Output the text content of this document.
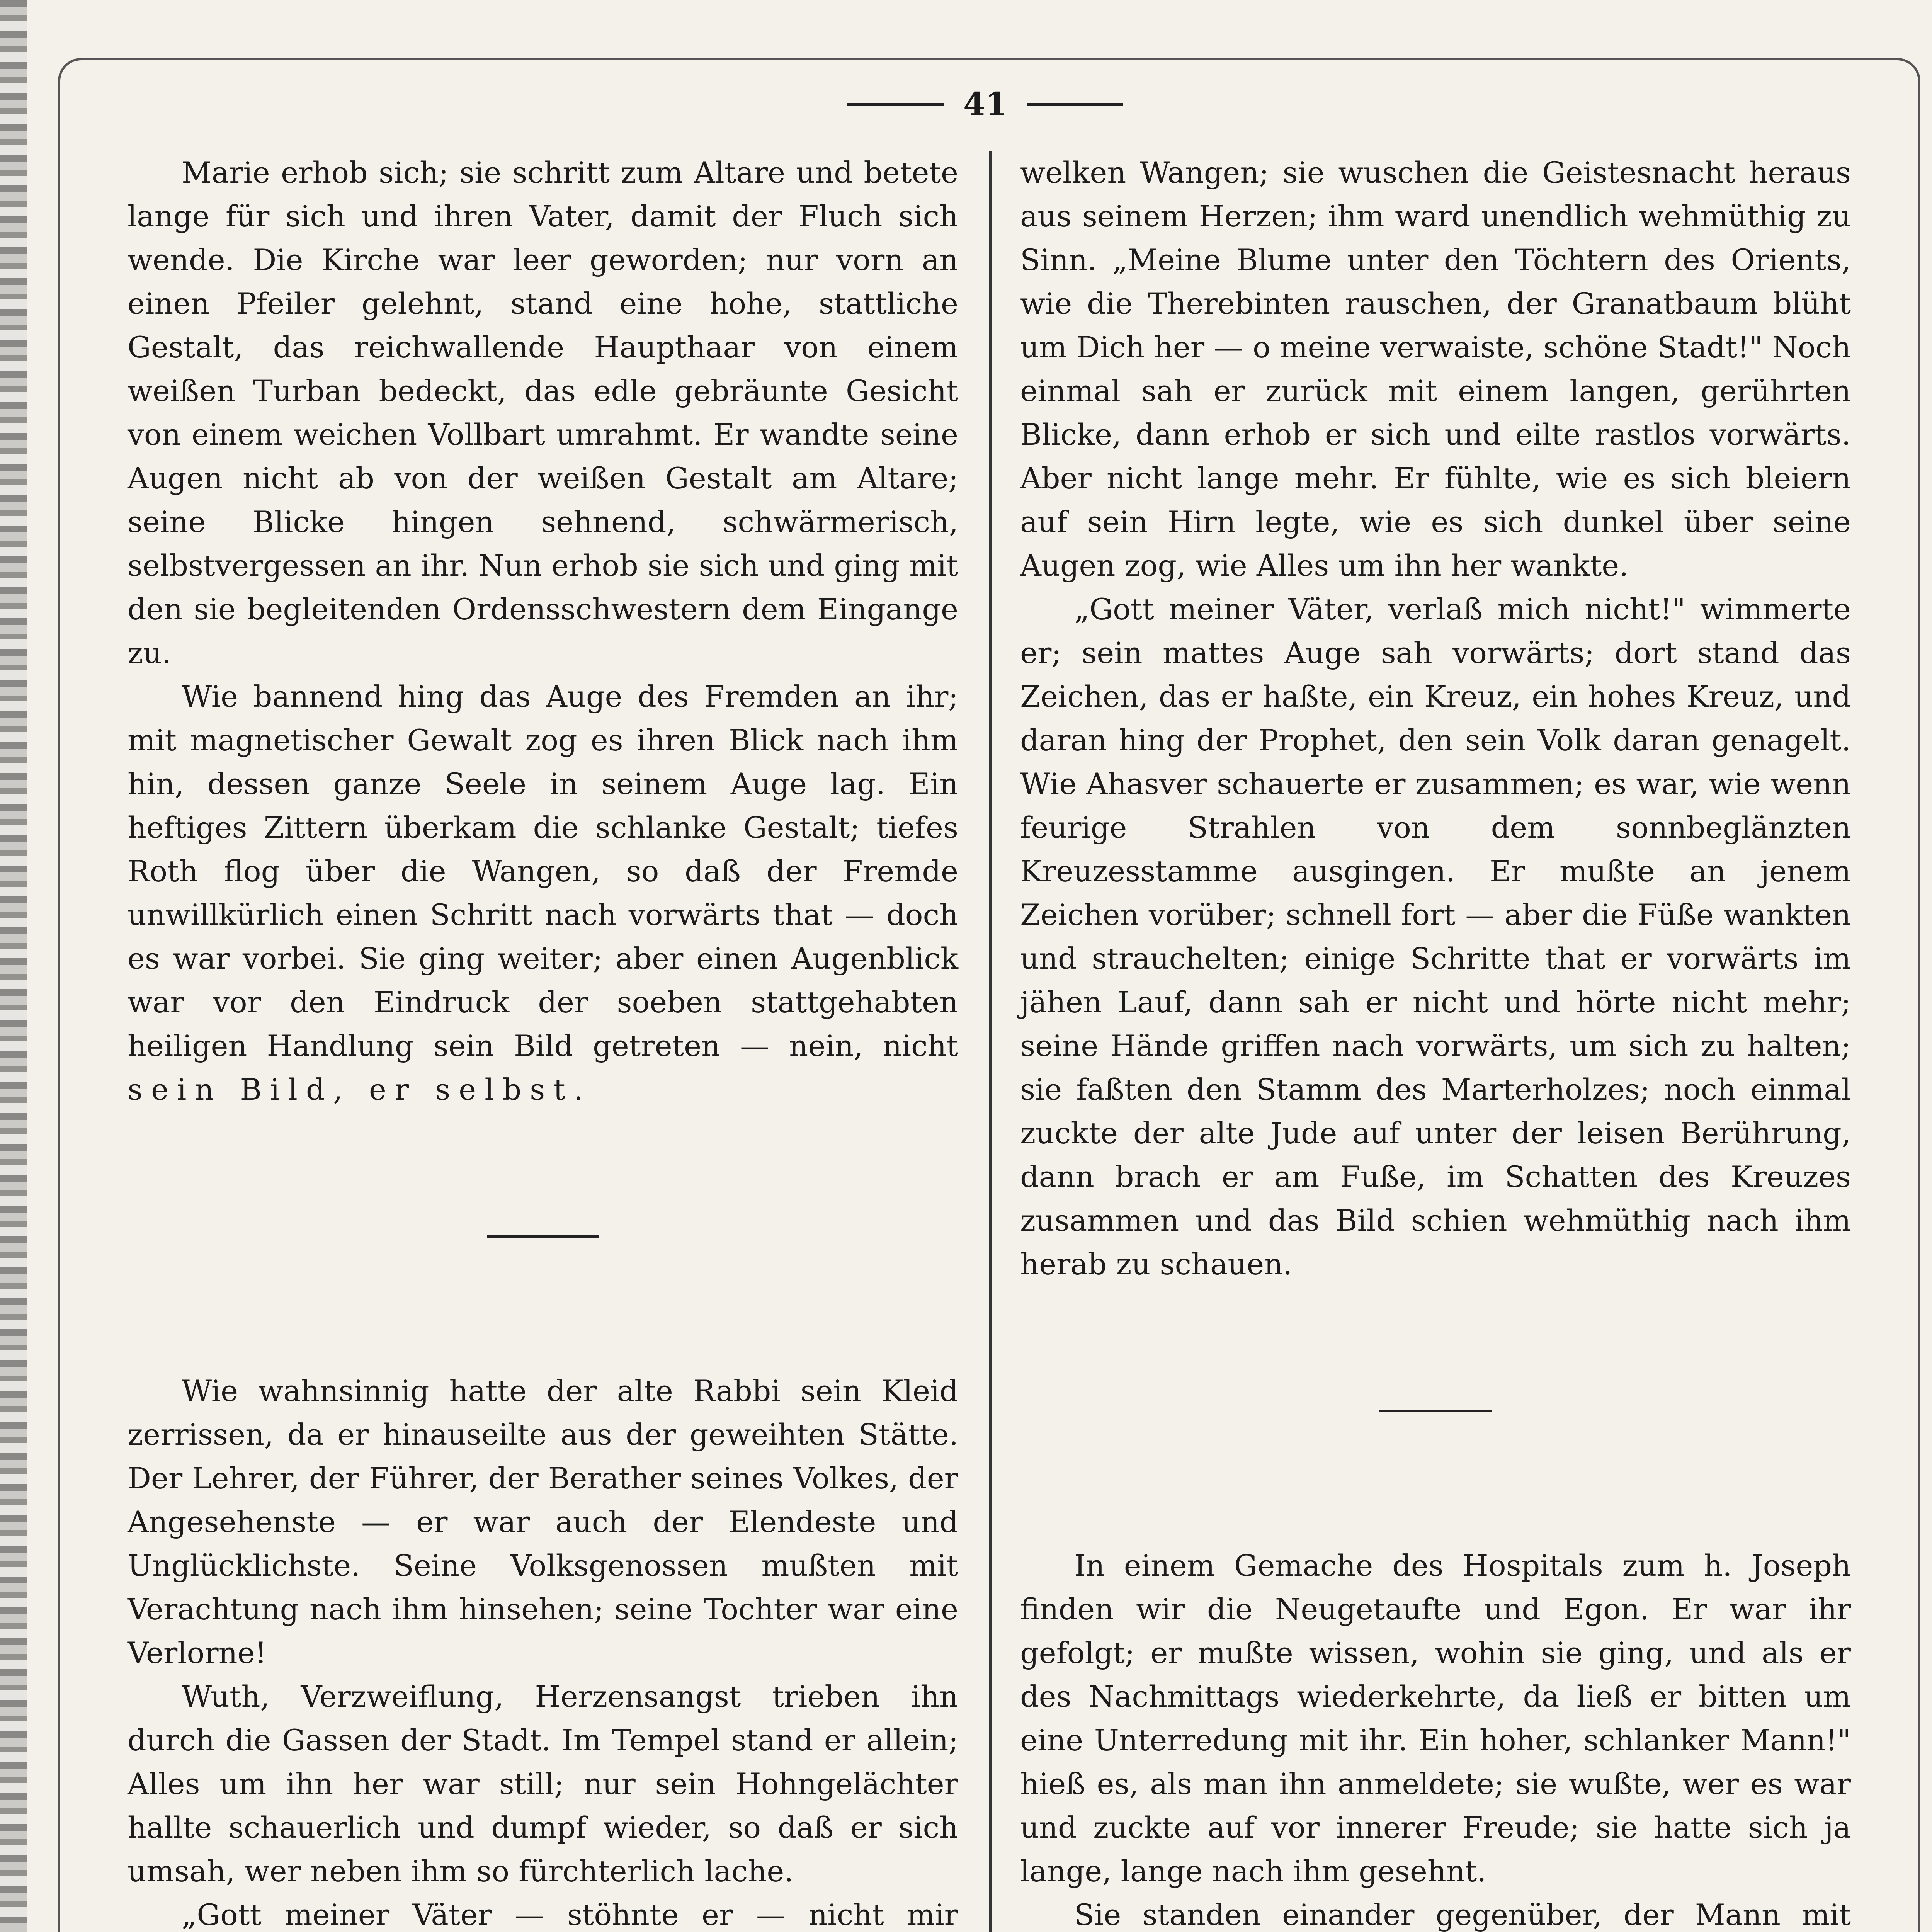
41

Marie erhob sich; sie schritt zum Altare und betete lange für sich und ihren Vater, damit der Fluch sich wende. Die Kirche war leer geworden; nur vorn an einen Pfeiler gelehnt, stand eine hohe, stattliche Gestalt, das reichwallende Haupthaar von einem weißen Turban bedeckt, das edle gebräunte Gesicht von einem weichen Vollbart umrahmt. Er wandte seine Augen nicht ab von der weißen Gestalt am Altare; seine Blicke hingen sehnend, schwärmerisch, selbstvergessen an ihr. Nun erhob sie sich und ging mit den sie begleitenden Ordensschwestern dem Eingange zu.

Wie bannend hing das Auge des Fremden an ihr; mit magnetischer Gewalt zog es ihren Blick nach ihm hin, dessen ganze Seele in seinem Auge lag. Ein heftiges Zittern überkam die schlanke Gestalt; tiefes Roth flog über die Wangen, so daß der Fremde unwillkürlich einen Schritt nach vorwärts that — doch es war vorbei. Sie ging weiter; aber einen Augenblick war vor den Eindruck der soeben stattgehabten heiligen Handlung sein Bild getreten — nein, nicht sein Bild, er selbst.

Wie wahnsinnig hatte der alte Rabbi sein Kleid zerrissen, da er hinauseilte aus der geweihten Stätte. Der Lehrer, der Führer, der Berather seines Volkes, der Angesehenste — er war auch der Elendeste und Unglücklichste. Seine Volksgenossen mußten mit Verachtung nach ihm hinsehen; seine Tochter war eine Verlorne!

Wuth, Verzweiflung, Herzensangst trieben ihn durch die Gassen der Stadt. Im Tempel stand er allein; Alles um ihn her war still; nur sein Hohngelächter hallte schauerlich und dumpf wieder, so daß er sich umsah, wer neben ihm so fürchterlich lache.

„Gott meiner Väter — stöhnte er — nicht mir

welken Wangen; sie wuschen die Geistesnacht heraus aus seinem Herzen; ihm ward unendlich wehmüthig zu Sinn. „Meine Blume unter den Töchtern des Orients, wie die Therebinten rauschen, der Granatbaum blüht um Dich her — o meine verwaiste, schöne Stadt!" Noch einmal sah er zurück mit einem langen, gerührten Blicke, dann erhob er sich und eilte rastlos vorwärts. Aber nicht lange mehr. Er fühlte, wie es sich bleiern auf sein Hirn legte, wie es sich dunkel über seine Augen zog, wie Alles um ihn her wankte.

„Gott meiner Väter, verlaß mich nicht!" wimmerte er; sein mattes Auge sah vorwärts; dort stand das Zeichen, das er haßte, ein Kreuz, ein hohes Kreuz, und daran hing der Prophet, den sein Volk daran genagelt. Wie Ahasver schauerte er zusammen; es war, wie wenn feurige Strahlen von dem sonnbeglänzten Kreuzesstamme ausgingen. Er mußte an jenem Zeichen vorüber; schnell fort — aber die Füße wankten und strauchelten; einige Schritte that er vorwärts im jähen Lauf, dann sah er nicht und hörte nicht mehr; seine Hände griffen nach vorwärts, um sich zu halten; sie faßten den Stamm des Marterholzes; noch einmal zuckte der alte Jude auf unter der leisen Berührung, dann brach er am Fuße, im Schatten des Kreuzes zusammen und das Bild schien wehmüthig nach ihm herab zu schauen.

In einem Gemache des Hospitals zum h. Joseph finden wir die Neugetaufte und Egon. Er war ihr gefolgt; er mußte wissen, wohin sie ging, und als er des Nachmittags wiederkehrte, da ließ er bitten um eine Unterredung mit ihr. Ein hoher, schlanker Mann!" hieß es, als man ihn anmeldete; sie wußte, wer es war und zuckte auf vor innerer Freude; sie hatte sich ja lange, lange nach ihm gesehnt.

Sie standen einander gegenüber, der Mann mit
